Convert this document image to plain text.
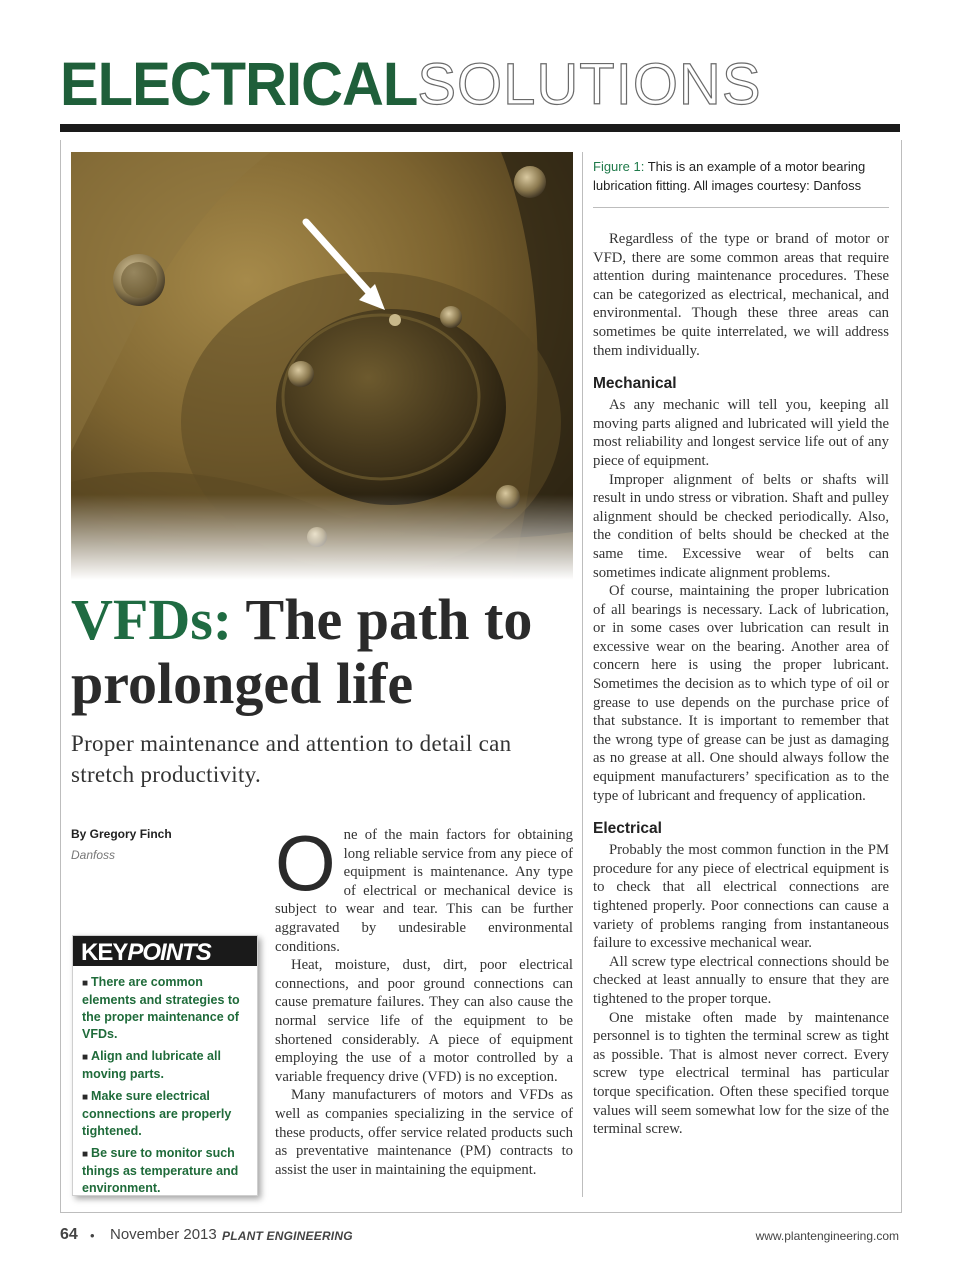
ELECTRICALSOLUTIONS
Figure 1: This is an example of a motor bearing lubrication fitting. All images courtesy: Danfoss
VFDs: The path to prolonged life
Proper maintenance and attention to detail can stretch productivity.
By Gregory Finch
Danfoss
KEYPOINTS
■ There are common elements and strategies to the proper maintenance of VFDs.
■ Align and lubricate all moving parts.
■ Make sure electrical connections are properly tightened.
■ Be sure to monitor such things as temperature and environment.

One of the main factors for obtaining long reliable service from any piece of equipment is maintenance. Any type of electrical or mechanical device is subject to wear and tear. This can be further aggravated by undesirable environmental conditions.

Heat, moisture, dust, dirt, poor electrical connections, and poor ground connections can cause premature failures. They can also cause the normal service life of the equipment to be shortened considerably. A piece of equipment employing the use of a motor controlled by a variable frequency drive (VFD) is no exception.

Many manufacturers of motors and VFDs as well as companies specializing in the service of these products, offer service related products such as preventative maintenance (PM) contracts to assist the user in maintaining the equipment.

Regardless of the type or brand of motor or VFD, there are some common areas that require attention during maintenance procedures. These can be categorized as electrical, mechanical, and environmental. Though these three areas can sometimes be quite interrelated, we will address them individually.

Mechanical

As any mechanic will tell you, keeping all moving parts aligned and lubricated will yield the most reliability and longest service life out of any piece of equipment.

Improper alignment of belts or shafts will result in undo stress or vibration. Shaft and pulley alignment should be checked periodically. Also, the condition of belts should be checked at the same time. Excessive wear of belts can sometimes indicate alignment problems.

Of course, maintaining the proper lubrication of all bearings is necessary. Lack of lubrication, or in some cases over lubrication can result in excessive wear on the bearing. Another area of concern here is using the proper lubricant. Sometimes the decision as to which type of oil or grease to use depends on the purchase price of that substance. It is important to remember that the wrong type of grease can be just as damaging as no grease at all. One should always follow the equipment manufacturers’ specification as to the type of lubricant and frequency of application.

Electrical

Probably the most common function in the PM procedure for any piece of electrical equipment is to check that all electrical connections are tightened properly. Poor connections can cause a variety of problems ranging from instantaneous failure to excessive mechanical wear.

All screw type electrical connections should be checked at least annually to ensure that they are tightened to the proper torque.

One mistake often made by maintenance personnel is to tighten the terminal screw as tight as possible. That is almost never correct. Every screw type electrical terminal has particular torque specification. Often these specified torque values will seem somewhat low for the size of the terminal screw.

64 • November 2013 PLANT ENGINEERING	www.plantengineering.com
